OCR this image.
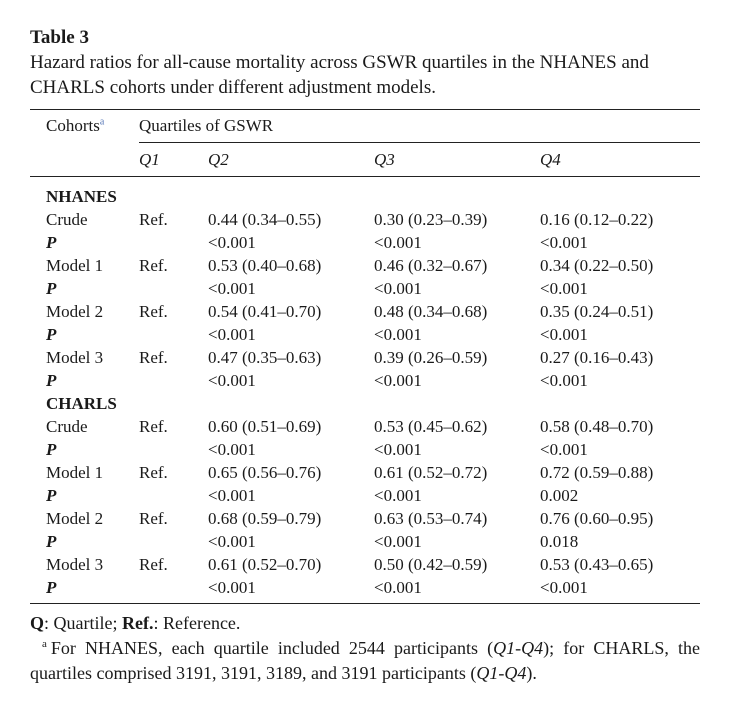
Table 3
Hazard ratios for all-cause mortality across GSWR quartiles in the NHANES and CHARLS cohorts under different adjustment models.
Cohorts$^a$	Quartiles of GSWR			
	Q1	Q2	Q3	Q4

NHANES				
Crude	Ref.	0.44 (0.34–0.55)	0.30 (0.23–0.39)	0.16 (0.12–0.22)
P		<0.001	<0.001	<0.001
Model 1	Ref.	0.53 (0.40–0.68)	0.46 (0.32–0.67)	0.34 (0.22–0.50)
P		<0.001	<0.001	<0.001
Model 2	Ref.	0.54 (0.41–0.70)	0.48 (0.34–0.68)	0.35 (0.24–0.51)
P		<0.001	<0.001	<0.001
Model 3	Ref.	0.47 (0.35–0.63)	0.39 (0.26–0.59)	0.27 (0.16–0.43)
P		<0.001	<0.001	<0.001
CHARLS				
Crude	Ref.	0.60 (0.51–0.69)	0.53 (0.45–0.62)	0.58 (0.48–0.70)
P		<0.001	<0.001	<0.001
Model 1	Ref.	0.65 (0.56–0.76)	0.61 (0.52–0.72)	0.72 (0.59–0.88)
P		<0.001	<0.001	0.002
Model 2	Ref.	0.68 (0.59–0.79)	0.63 (0.53–0.74)	0.76 (0.60–0.95)
P		<0.001	<0.001	0.018
Model 3	Ref.	0.61 (0.52–0.70)	0.50 (0.42–0.59)	0.53 (0.43–0.65)
P		<0.001	<0.001	<0.001
Q: Quartile; Ref.: Reference.
$^a$ For NHANES, each quartile included 2544 participants (Q1-Q4); for CHARLS, the quartiles comprised 3191, 3191, 3189, and 3191 participants (Q1-Q4).
